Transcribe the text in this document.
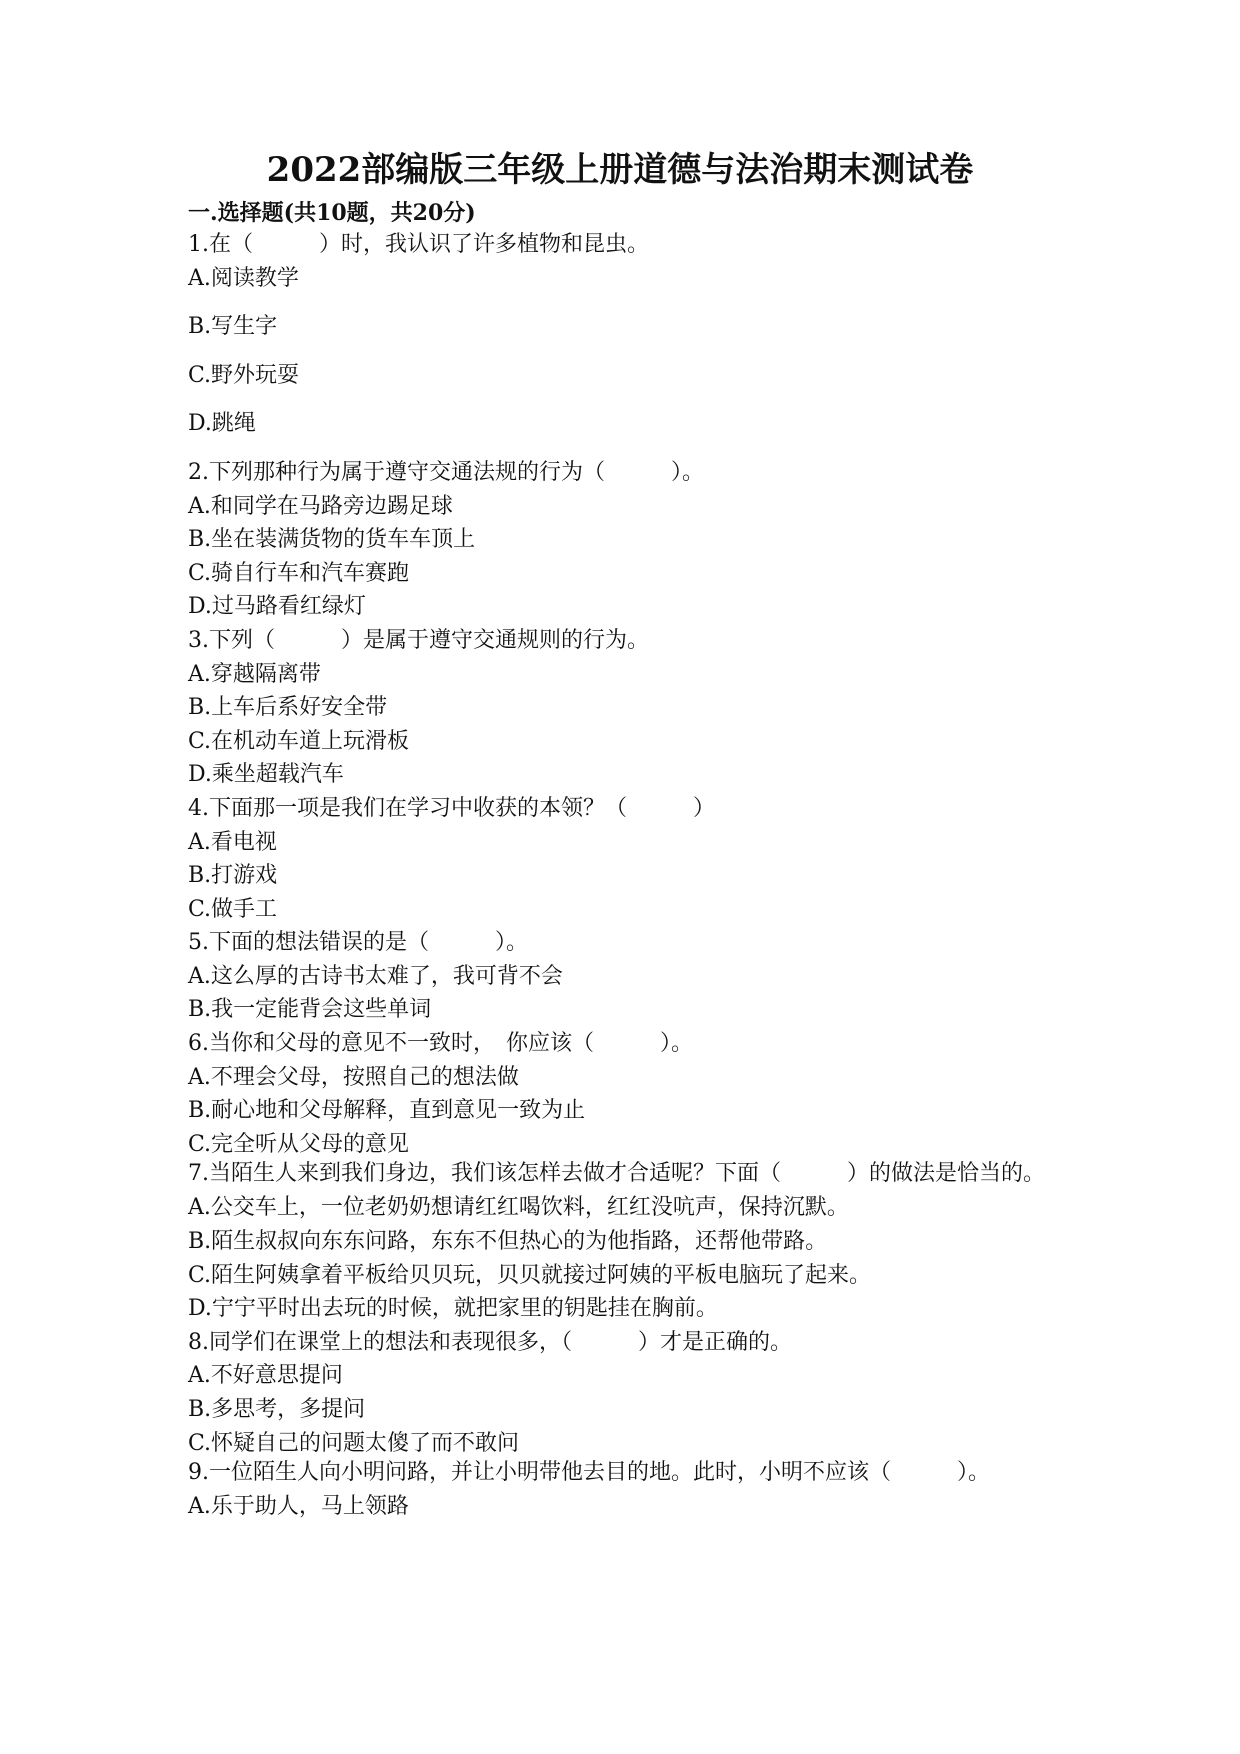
2022部编版三年级上册道德与法治期末测试卷
一.选择题(共10题，共20分)
1.在（　　　）时，我认识了许多植物和昆虫。
A.阅读教学
B.写生字
C.野外玩耍
D.跳绳
2.下列那种行为属于遵守交通法规的行为（　　　）。
A.和同学在马路旁边踢足球
B.坐在装满货物的货车车顶上
C.骑自行车和汽车赛跑
D.过马路看红绿灯
3.下列（　　　）是属于遵守交通规则的行为。
A.穿越隔离带
B.上车后系好安全带
C.在机动车道上玩滑板
D.乘坐超载汽车
4.下面那一项是我们在学习中收获的本领？（　　　）
A.看电视
B.打游戏
C.做手工
5.下面的想法错误的是（　　　）。
A.这么厚的古诗书太难了，我可背不会
B.我一定能背会这些单词
6.当你和父母的意见不一致时，　你应该（　　　）。
A.不理会父母，按照自己的想法做
B.耐心地和父母解释，直到意见一致为止
C.完全听从父母的意见
7.当陌生人来到我们身边，我们该怎样去做才合适呢？下面（　　　）的做法是恰当的。
A.公交车上，一位老奶奶想请红红喝饮料，红红没吭声，保持沉默。
B.陌生叔叔向东东问路，东东不但热心的为他指路，还帮他带路。
C.陌生阿姨拿着平板给贝贝玩，贝贝就接过阿姨的平板电脑玩了起来。
D.宁宁平时出去玩的时候，就把家里的钥匙挂在胸前。
8.同学们在课堂上的想法和表现很多，（　　　）才是正确的。
A.不好意思提问
B.多思考，多提问
C.怀疑自己的问题太傻了而不敢问
9.一位陌生人向小明问路，并让小明带他去目的地。此时，小明不应该（　　　）。
A.乐于助人，马上领路
